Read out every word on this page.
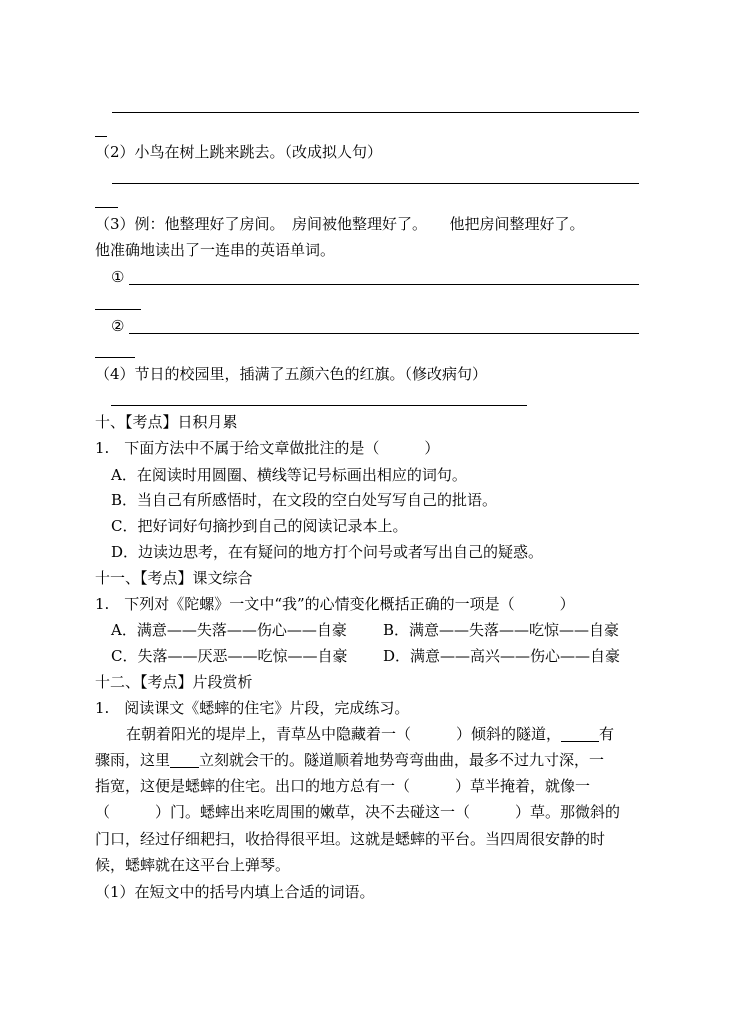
（2）小鸟在树上跳来跳去。（改成拟人句）
（3）例：他整理好了房间。　房间被他整理好了。　　他把房间整理好了。
他准确地读出了一连串的英语单词。
①
②
（4）节日的校园里，插满了五颜六色的红旗。（修改病句）
十、【考点】日积月累
1.　下面方法中不属于给文章做批注的是（　　　）
A．在阅读时用圆圈、横线等记号标画出相应的词句。
B．当自己有所感悟时，在文段的空白处写写自己的批语。
C．把好词好句摘抄到自己的阅读记录本上。
D．边读边思考，在有疑问的地方打个问号或者写出自己的疑惑。
十一、【考点】课文综合
1.　下列对《陀螺》一文中“我”的心情变化概括正确的一项是（　　　）
A．满意——失落——伤心——自豪 B．满意——失落——吃惊——自豪
C．失落——厌恶——吃惊——自豪 D．满意——高兴——伤心——自豪
十二、【考点】片段赏析
1.　阅读课文《蟋蟀的住宅》片段，完成练习。
在朝着阳光的堤岸上，青草丛中隐藏着一（　　　）倾斜的隧道，	有
骤雨，这里 立刻就会干的。隧道顺着地势弯弯曲曲，最多不过九寸深，一
指宽，这便是蟋蟀的住宅。出口的地方总有一（　　　）草半掩着，就像一
（　　　）门。蟋蟀出来吃周围的嫩草，决不去碰这一（　　　）草。那微斜的
门口，经过仔细耙扫，收拾得很平坦。这就是蟋蟀的平台。当四周很安静的时
候，蟋蟀就在这平台上弹琴。
（1）在短文中的括号内填上合适的词语。
